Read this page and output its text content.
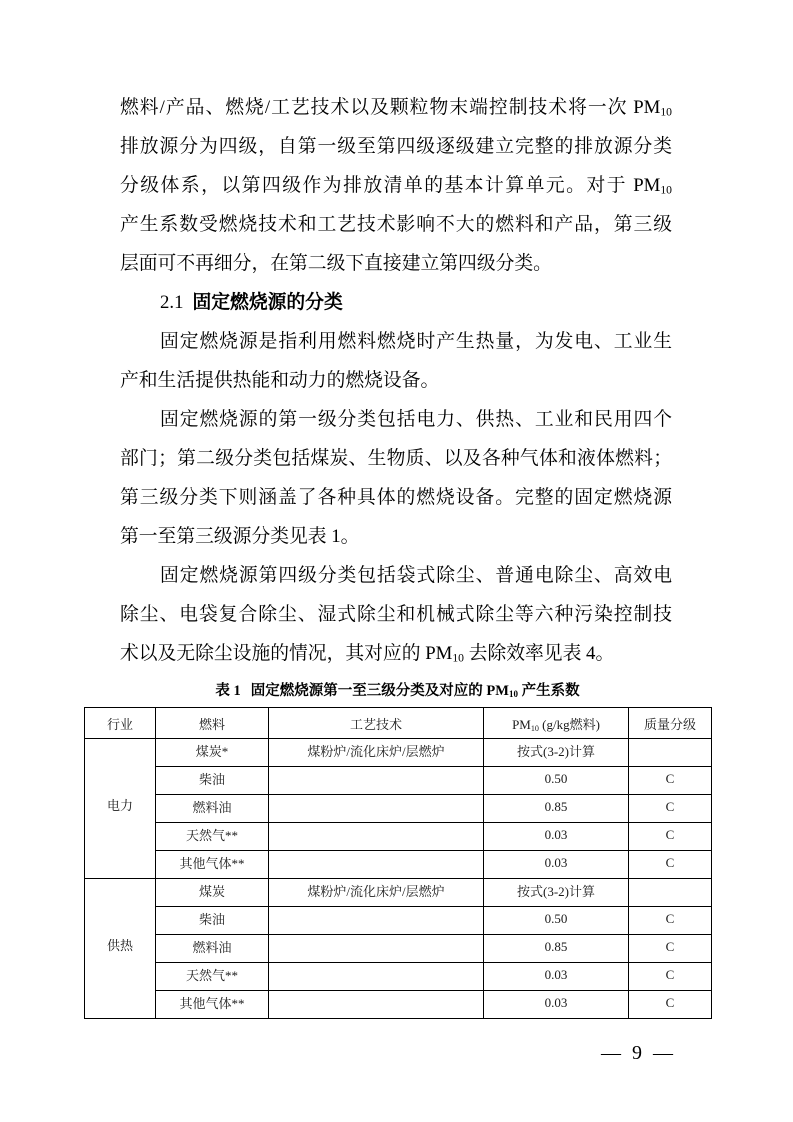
燃料/产品、燃烧/工艺技术以及颗粒物末端控制技术将一次 $PM_{10}$
排放源分为四级，自第一级至第四级逐级建立完整的排放源分类
分级体系，以第四级作为排放清单的基本计算单元。对于 $PM_{10}$
产生系数受燃烧技术和工艺技术影响不大的燃料和产品，第三级
层面可不再细分，在第二级下直接建立第四级分类。
2.1 固定燃烧源的分类
固定燃烧源是指利用燃料燃烧时产生热量，为发电、工业生
产和生活提供热能和动力的燃烧设备。
固定燃烧源的第一级分类包括电力、供热、工业和民用四个
部门；第二级分类包括煤炭、生物质、以及各种气体和液体燃料；
第三级分类下则涵盖了各种具体的燃烧设备。完整的固定燃烧源
第一至第三级源分类见表 1。
固定燃烧源第四级分类包括袋式除尘、普通电除尘、高效电
除尘、电袋复合除尘、湿式除尘和机械式除尘等六种污染控制技
术以及无除尘设施的情况，其对应的 $PM_{10}$ 去除效率见表 4。
表 1 固定燃烧源第一至三级分类及对应的 $PM_{10}$ 产生系数
行业	燃料	工艺技术	$PM_{10}$ (g/kg燃料)	质量分级
电力	煤炭*	煤粉炉/流化床炉/层燃炉	按式(3-2)计算	
	柴油		0.50	C
	燃料油		0.85	C
	天然气**		0.03	C
	其他气体**		0.03	C
供热	煤炭	煤粉炉/流化床炉/层燃炉	按式(3-2)计算	
	柴油		0.50	C
	燃料油		0.85	C
	天然气**		0.03	C
	其他气体**		0.03	C
— 9 —
